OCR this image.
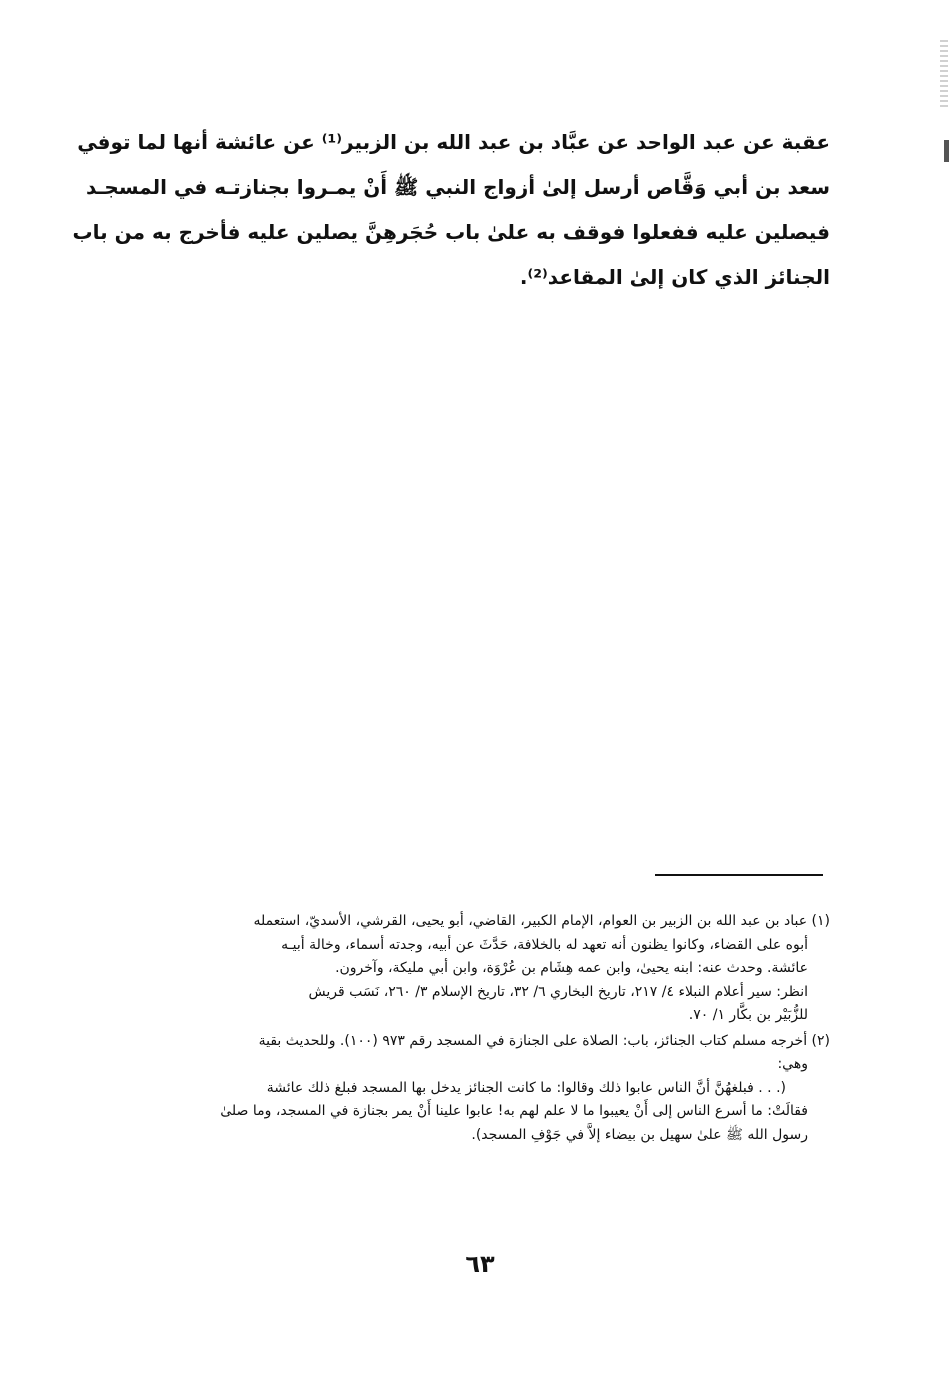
عقبة عن عبد الواحد عن عبَّاد بن عبد الله بن الزبير⁽¹⁾ عن عائشة أنها لما توفي
سعد بن أبي وَقَّاص أرسل إلىٰ أزواج النبي ﷺ أَنْ يمـروا بجنازتـه في المسجـد
فيصلين عليه ففعلوا فوقف به علىٰ باب حُجَرهِنَّ يصلين عليه فأخرج به من باب
الجنائز الذي كان إلىٰ المقاعد⁽²⁾.
(١) عباد بن عبد الله بن الزبير بن العوام، الإمام الكبير، القاضي، أبو يحيى، القرشي، الأسديّ، استعمله
أبوه على القضاء، وكانوا يظنون أنه تعهد له بالخلافة، حَدَّثَ عن أبيه، وجدته أسماء، وخالة أبيـه
عائشة. وحدث عنه: ابنه يحيىٰ، وابن عمه هِشَام بن عُرْوَة، وابن أبي مليكة، وآخرون.
انظر: سير أعلام النبلاء ٤/ ٢١٧، تاريخ البخاري ٦/ ٣٢، تاريخ الإسلام ٣/ ٢٦٠، نَسَب قريش
للزُّبَيْر بن بكَّار ١/ ٧٠.
(٢) أخرجه مسلم كتاب الجنائز، باب: الصلاة على الجنازة في المسجد رقم ٩٧٣ (١٠٠). وللحديث بقية
وهي:
(. . . فبلغهُنَّ أنَّ الناس عابوا ذلك وقالوا: ما كانت الجنائز يدخل بها المسجد فبلغ ذلك عائشة
فقالَتْ: ما أسرع الناس إلى أَنْ يعيبوا ما لا علم لهم به! عابوا علينا أَنْ يمر بجنازة في المسجد، وما صلىٰ
رسول الله ﷺ علىٰ سهيل بن بيضاء إلاَّ في جَوْفِ المسجد).
٦٣
